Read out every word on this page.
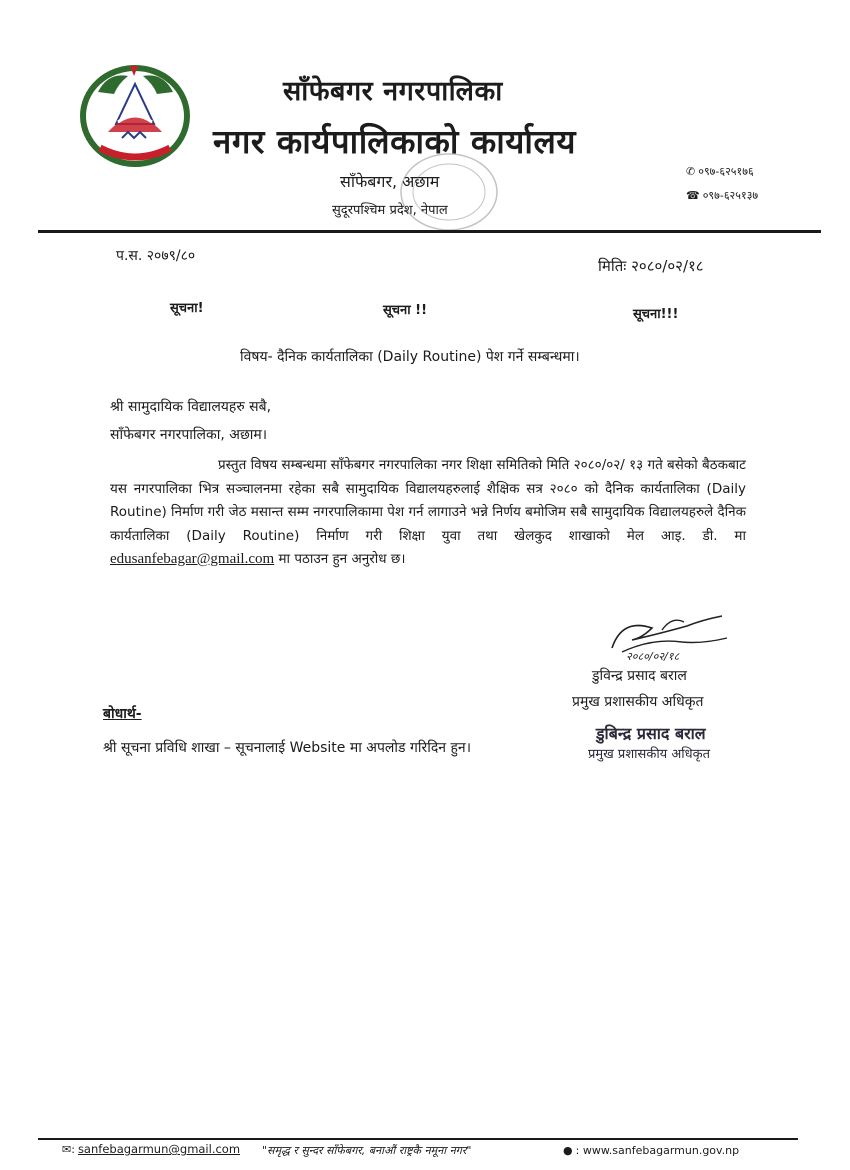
साँफेबगर नगरपालिका
नगर कार्यपालिकाको कार्यालय
साँफेबगर, अछाम
सुदूरपश्चिम प्रदेश, नेपाल
✆ ०९७-६२५१७६
☎ ०९७-६२५१३७
प.स. २०७९/८०
मितिः २०८०/०२/१८
सूचना!	सूचना !!	सूचना!!!
विषय- दैनिक कार्यतालिका (Daily Routine) पेश गर्ने सम्बन्धमा।
श्री सामुदायिक विद्यालयहरु सबै,
साँफेबगर नगरपालिका, अछाम।

प्रस्तुत विषय सम्बन्धमा साँफेबगर नगरपालिका नगर शिक्षा समितिको मिति २०८०/०२/ १३ गते बसेको बैठकबाट यस नगरपालिका भित्र सञ्चालनमा रहेका सबै सामुदायिक विद्यालयहरुलाई शैक्षिक सत्र २०८० को दैनिक कार्यतालिका (Daily Routine) निर्माण गरी जेठ मसान्त सम्म नगरपालिकामा पेश गर्न लागाउने भन्ने निर्णय बमोजिम सबै सामुदायिक विद्यालयहरुले दैनिक कार्यतालिका (Daily Routine) निर्माण गरी शिक्षा युवा तथा खेलकुद शाखाको मेल आइ. डी. मा edusanfebagar@gmail.com मा पठाउन हुन अनुरोध छ।

२०८०/०२/१८
डुविन्द्र प्रसाद बराल
प्रमुख प्रशासकीय अधिकृत
डुबिन्द्र प्रसाद बराल
प्रमुख प्रशासकीय अधिकृत
बोधार्थ-
श्री सूचना प्रविधि शाखा – सूचनालाई Website मा अपलोड गरिदिन हुन।
✉: sanfebagarmun@gmail.com "समृद्ध र सुन्दर साँफेबगर, बनाऔं राष्ट्रकै नमूना नगर"	● : www.sanfebagarmun.gov.np
